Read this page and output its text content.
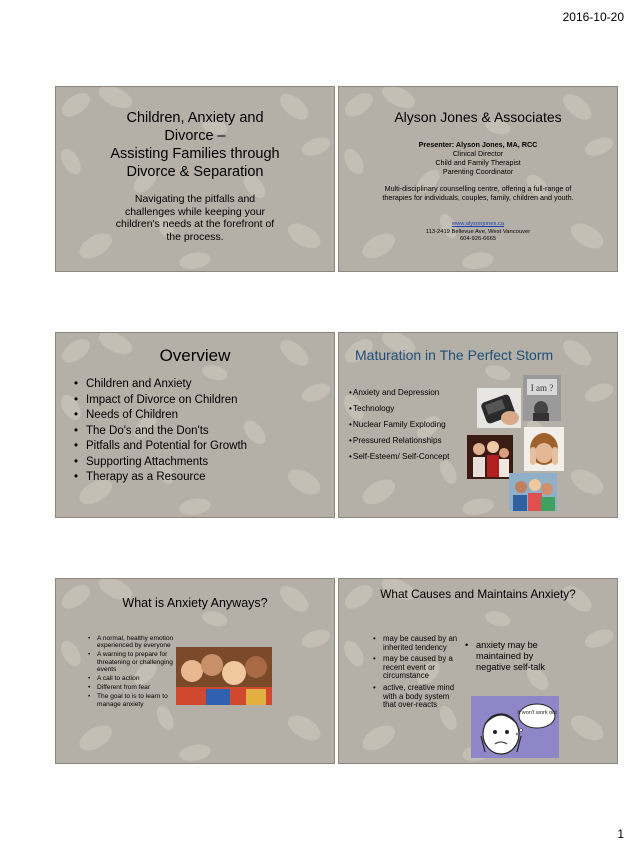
2016-10-20
Children, Anxiety and
Divorce –
Assisting Families through
Divorce & Separation
Navigating the pitfalls and
challenges while keeping your
children's needs at the forefront of
the process.
Alyson Jones & Associates
Presenter: Alyson Jones, MA, RCC
Clinical Director
Child and Family Therapist
Parenting Coordinator
Multi-disciplinary counselling centre, offering a full-range of
therapies for individuals, couples, family, children and youth.
www.alysonjones.ca
113-2419 Bellevue Ave, West Vancouver
604-926-6665
Overview
• Children and Anxiety
• Impact of Divorce on Children
• Needs of Children
• The Do's and the Don'ts
• Pitfalls and Potential for Growth
• Supporting Attachments
• Therapy as a Resource
Maturation in The Perfect Storm
• Anxiety and Depression
• Technology
• Nuclear Family Exploding
• Pressured Relationships
• Self-Esteem/ Self-Concept
I am ?
What is Anxiety Anyways?
• A normal, healthy emotion experienced by everyone
• A warning to prepare for threatening or challenging events
• A call to action
• Different from fear
• The goal to is to learn to manage anxiety
What Causes and Maintains Anxiety?
• may be caused by an inherited tendency
• may be caused by a recent event or circumstance
• active, creative mind with a body system that over-reacts
• anxiety may be maintained by negative self-talk
It won't work out
1
